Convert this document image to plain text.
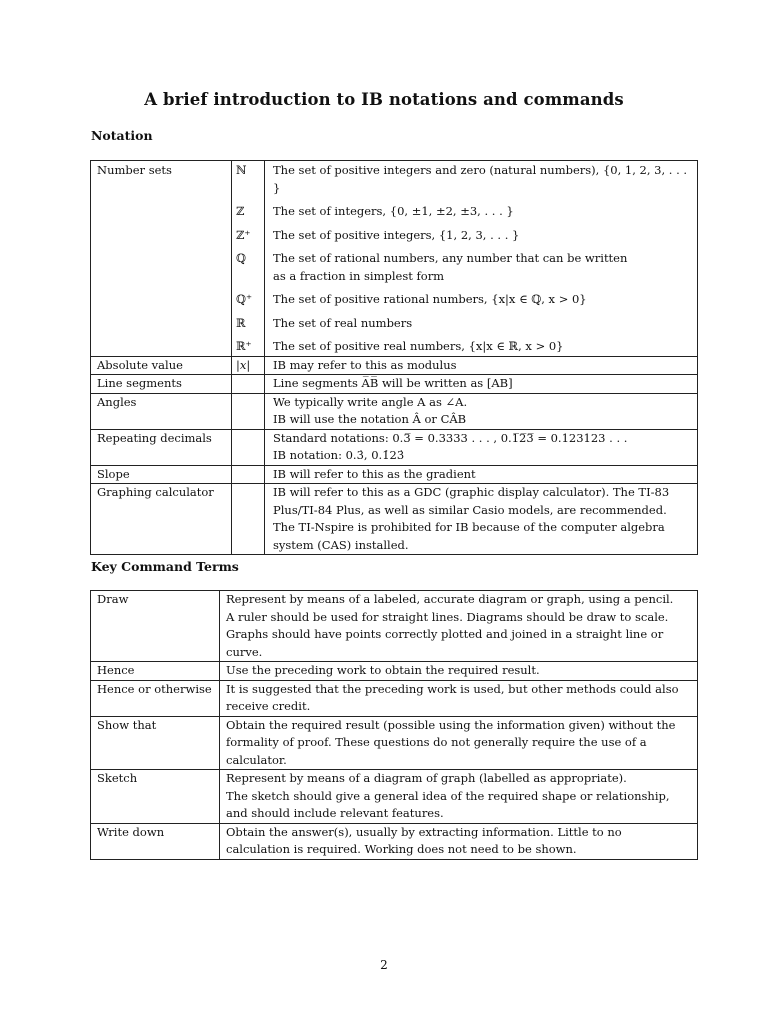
A brief introduction to IB notations and commands
Notation
Number sets	ℕ	The set of positive integers and zero (natural numbers), {0, 1, 2, 3, . . . }

	ℤ	The set of integers, {0, ±1, ±2, ±3, . . . }

	ℤ⁺	The set of positive integers, {1, 2, 3, . . . }

	ℚ	The set of rational numbers, any number that can be written
as a fraction in simplest form

	ℚ⁺	The set of positive rational numbers, {x|x ∈ ℚ, x > 0}

	ℝ	The set of real numbers

	ℝ⁺	The set of positive real numbers, {x|x ∈ ℝ, x > 0}

Absolute value	|x|	IB may refer to this as modulus

Line segments		Line segments A̅B̅ will be written as [AB]

Angles		We typically write angle A as ∠A.
IB will use the notation Â or CÂB

Repeating decimals		Standard notations: 0.3̅ = 0.3333 . . . , 0.1̅2̅3̅ = 0.123123 . . .
IB notation: 0.3̇, 0.1̇23̇

Slope		IB will refer to this as the gradient

Graphing calculator		IB will refer to this as a GDC (graphic display calculator). The TI-83
Plus/TI-84 Plus, as well as similar Casio models, are recommended.
The TI-Nspire is prohibited for IB because of the computer algebra
system (CAS) installed.
Key Command Terms
Draw	Represent by means of a labeled, accurate diagram or graph, using a pencil.
A ruler should be used for straight lines. Diagrams should be draw to scale.
Graphs should have points correctly plotted and joined in a straight line or
curve.

Hence	Use the preceding work to obtain the required result.

Hence or otherwise	It is suggested that the preceding work is used, but other methods could also
receive credit.

Show that	Obtain the required result (possible using the information given) without the
formality of proof. These questions do not generally require the use of a
calculator.

Sketch	Represent by means of a diagram of graph (labelled as appropriate).
The sketch should give a general idea of the required shape or relationship,
and should include relevant features.

Write down	Obtain the answer(s), usually by extracting information. Little to no
calculation is required. Working does not need to be shown.
2
